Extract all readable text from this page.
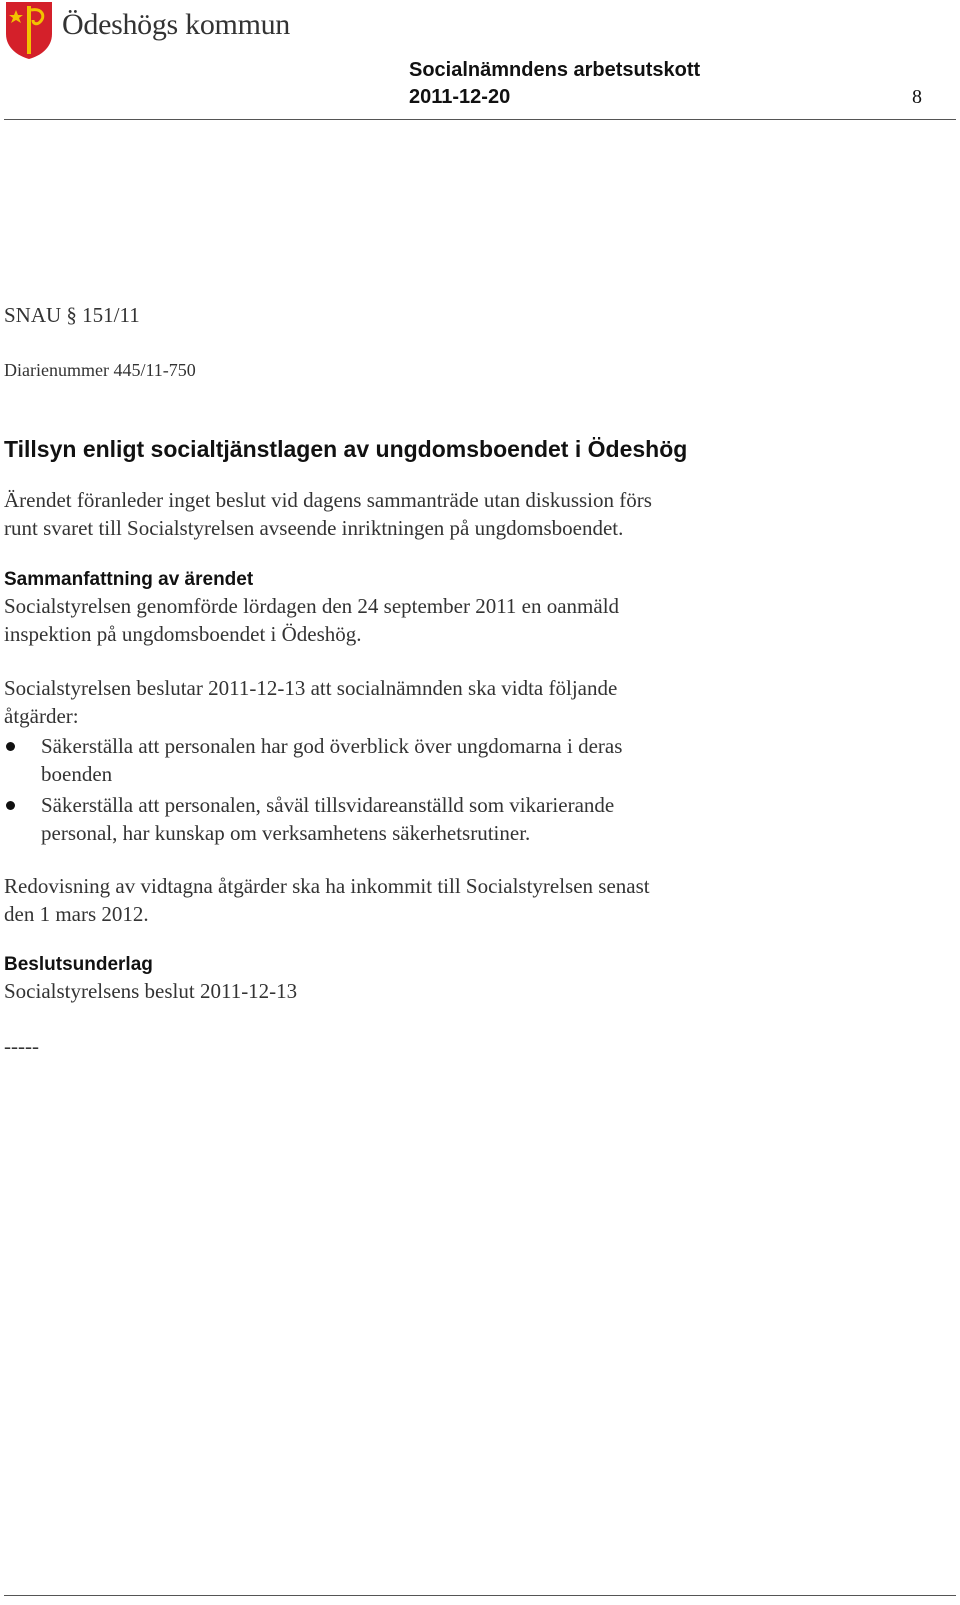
Ödeshögs kommun
Socialnämndens arbetsutskott
2011-12-20	8
SNAU § 151/11
Diarienummer 445/11-750
Tillsyn enligt socialtjänstlagen av ungdomsboendet i Ödeshög
Ärendet föranleder inget beslut vid dagens sammanträde utan diskussion förs
runt svaret till Socialstyrelsen avseende inriktningen på ungdomsboendet.
Sammanfattning av ärendet
Socialstyrelsen genomförde lördagen den 24 september 2011 en oanmäld
inspektion på ungdomsboendet i Ödeshög.
Socialstyrelsen beslutar 2011-12-13 att socialnämnden ska vidta följande
åtgärder:
Säkerställa att personalen har god överblick över ungdomarna i deras
boenden
Säkerställa att personalen, såväl tillsvidareanställd som vikarierande
personal, har kunskap om verksamhetens säkerhetsrutiner.
Redovisning av vidtagna åtgärder ska ha inkommit till Socialstyrelsen senast
den 1 mars 2012.
Beslutsunderlag
Socialstyrelsens beslut 2011-12-13
-----
